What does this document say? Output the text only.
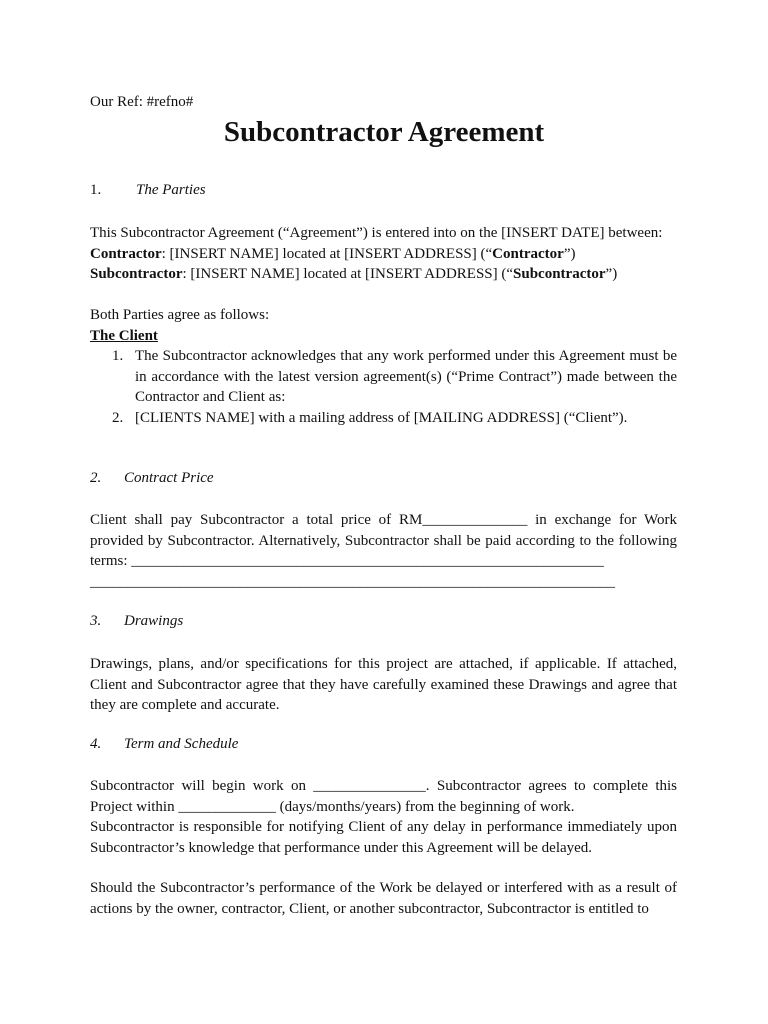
Our Ref: #refno#
Subcontractor Agreement
1. The Parties
This Subcontractor Agreement (“Agreement”) is entered into on the [INSERT DATE] between:
Contractor: [INSERT NAME] located at [INSERT ADDRESS] (“Contractor”)
Subcontractor: [INSERT NAME] located at [INSERT ADDRESS] (“Subcontractor”)
Both Parties agree as follows:
The Client
1. The Subcontractor acknowledges that any work performed under this Agreement must be in accordance with the latest version agreement(s) (“Prime Contract”) made between the Contractor and Client as:
2. [CLIENTS NAME] with a mailing address of [MAILING ADDRESS] (“Client”).
2. Contract Price
Client shall pay Subcontractor a total price of RM______________ in exchange for Work
provided by Subcontractor. Alternatively, Subcontractor shall be paid according to the following
terms: _______________________________________________________________
______________________________________________________________________
3. Drawings
Drawings, plans, and/or specifications for this project are attached, if applicable. If attached, Client and Subcontractor agree that they have carefully examined these Drawings and agree that they are complete and accurate.
4. Term and Schedule
Subcontractor will begin work on _______________. Subcontractor agrees to complete this Project within _____________ (days/months/years) from the beginning of work.
Subcontractor is responsible for notifying Client of any delay in performance immediately upon Subcontractor’s knowledge that performance under this Agreement will be delayed.
Should the Subcontractor’s performance of the Work be delayed or interfered with as a result of actions by the owner, contractor, Client, or another subcontractor, Subcontractor is entitled to
